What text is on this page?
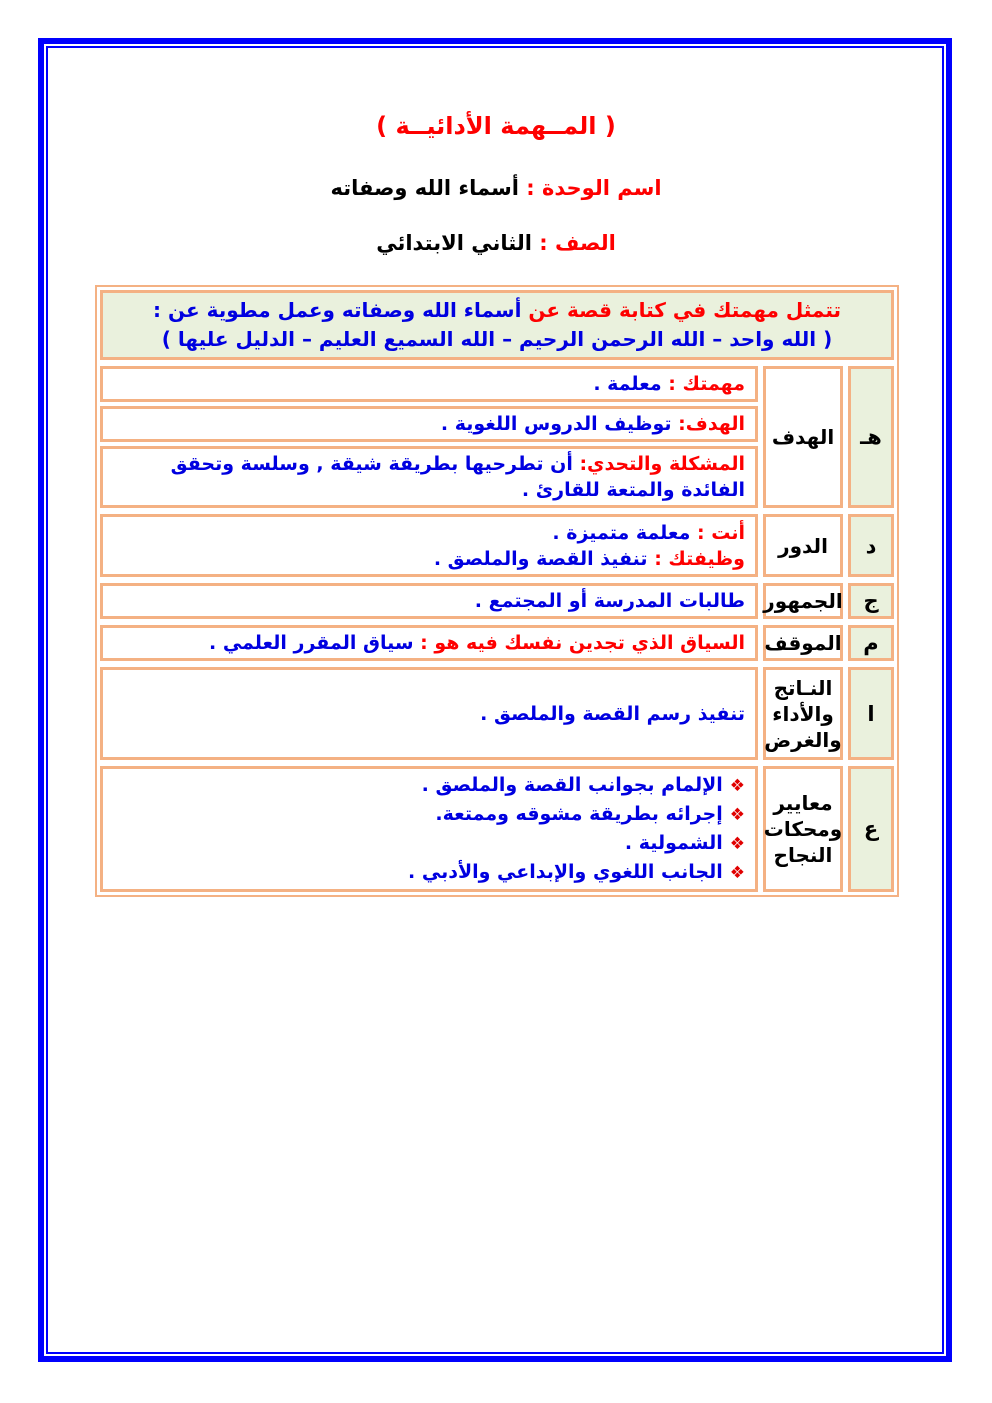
( المــهمة الأدائيــة )
اسم الوحدة : أسماء الله وصفاته
الصف : الثاني الابتدائي
تتمثل مهمتك في كتابة قصة عن أسماء الله وصفاته وعمل مطوية عن :
( الله واحد – الله الرحمن الرحيم – الله السميع العليم – الدليل عليها )
هـ
الهدف
مهمتك : معلمة .
الهدف: توظيف الدروس اللغوية .
المشكلة والتحدي: أن تطرحيها بطريقة شيقة , وسلسة وتحقق الفائدة والمتعة للقارئ .
د
الدور
أنت : معلمة متميزة .
وظيفتك : تنفيذ القصة والملصق .
ج
الجمهور
طالبات المدرسة أو المجتمع .
م
الموقف
السياق الذي تجدين نفسك فيه هو : سياق المقرر العلمي .
ا
النـاتج والأداء والغرض
تنفيذ رسم القصة والملصق .
ع
معايير ومحكات النجاح
❖
الإلمام بجوانب القصة والملصق .
❖
إجرائه بطريقة مشوقه وممتعة.
❖
الشمولية .
❖
الجانب اللغوي والإبداعي والأدبي .
